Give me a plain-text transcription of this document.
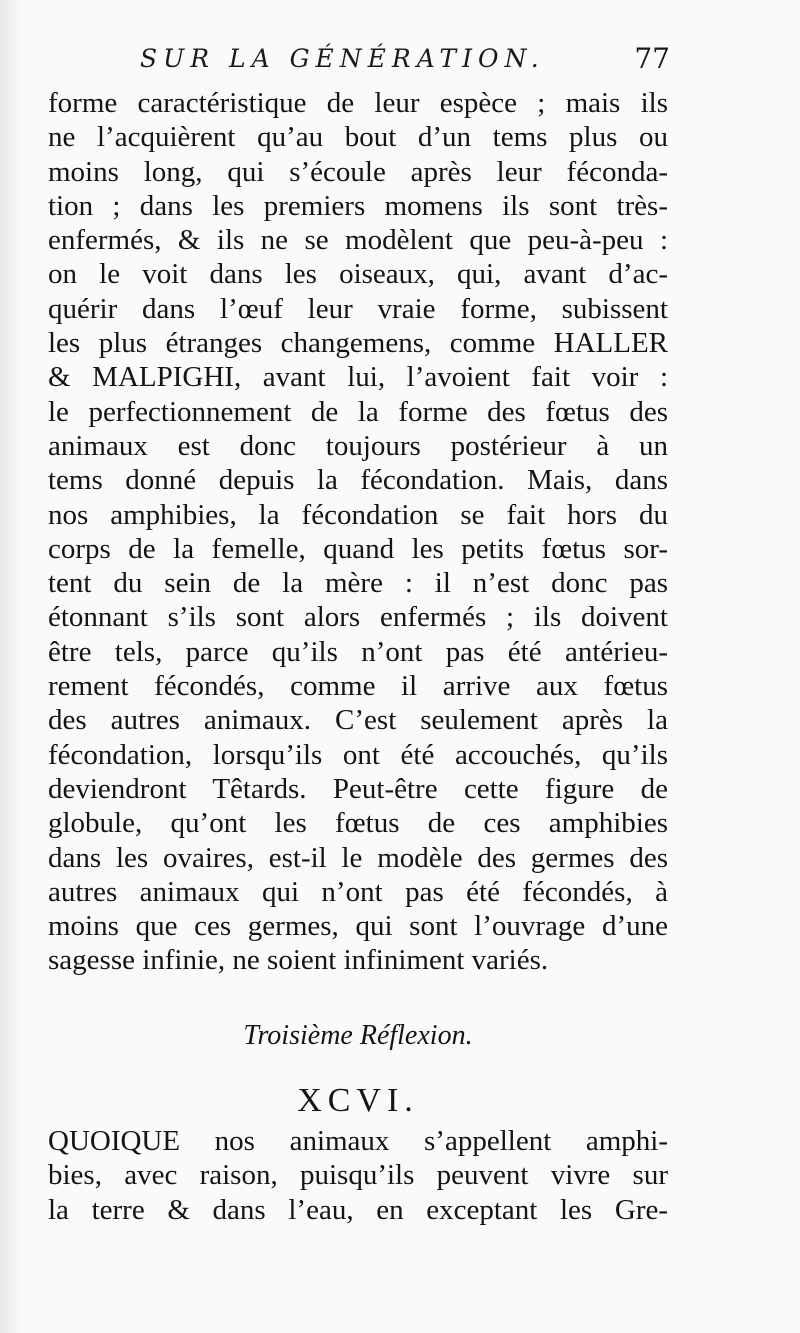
SUR LA GÉNÉRATION.	77
forme caractéristique de leur espèce ; mais ils
ne l’acquièrent qu’au bout d’un tems plus ou
moins long, qui s’écoule après leur féconda-
tion ; dans les premiers momens ils sont très-
enfermés, & ils ne se modèlent que peu-à-peu :
on le voit dans les oiseaux, qui, avant d’ac-
quérir dans l’œuf leur vraie forme, subissent
les plus étranges changemens, comme HALLER
& MALPIGHI, avant lui, l’avoient fait voir :
le perfectionnement de la forme des fœtus des
animaux est donc toujours postérieur à un
tems donné depuis la fécondation. Mais, dans
nos amphibies, la fécondation se fait hors du
corps de la femelle, quand les petits fœtus sor-
tent du sein de la mère : il n’est donc pas
étonnant s’ils sont alors enfermés ; ils doivent
être tels, parce qu’ils n’ont pas été antérieu-
rement fécondés, comme il arrive aux fœtus
des autres animaux. C’est seulement après la
fécondation, lorsqu’ils ont été accouchés, qu’ils
deviendront Têtards. Peut-être cette figure de
globule, qu’ont les fœtus de ces amphibies
dans les ovaires, est-il le modèle des germes des
autres animaux qui n’ont pas été fécondés, à
moins que ces germes, qui sont l’ouvrage d’une
sagesse infinie, ne soient infiniment variés.
Troisième Réflexion.
XCVI.
QUOIQUE nos animaux s’appellent amphi-
bies, avec raison, puisqu’ils peuvent vivre sur
la terre & dans l’eau, en exceptant les Gre-
